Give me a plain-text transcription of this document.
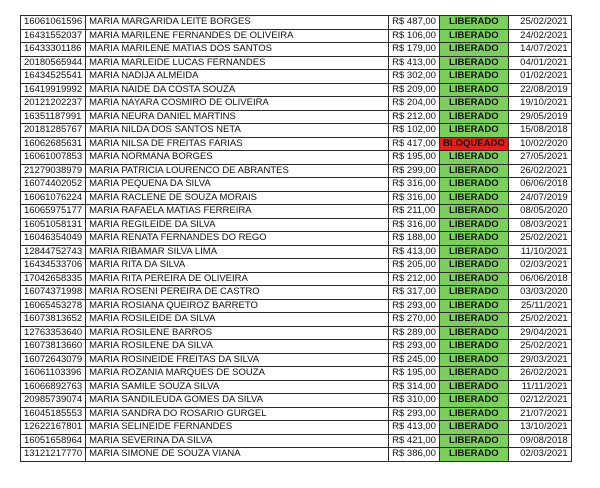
16061061596	MARIA MARGARIDA LEITE BORGES	R$ 487,00	LIBERADO	25/02/2021
16431552037	MARIA MARILENE FERNANDES DE OLIVEIRA	R$ 106,00	LIBERADO	24/02/2021
16433301186	MARIA MARILENE MATIAS DOS SANTOS	R$ 179,00	LIBERADO	14/07/2021
20180565944	MARIA MARLEIDE LUCAS FERNANDES	R$ 413,00	LIBERADO	04/01/2021
16434525541	MARIA NADIJA ALMEIDA	R$ 302,00	LIBERADO	01/02/2021
16419919992	MARIA NAIDE DA COSTA SOUZA	R$ 209,00	LIBERADO	22/08/2019
20121202237	MARIA NAYARA COSMIRO DE OLIVEIRA	R$ 204,00	LIBERADO	19/10/2021
16351187991	MARIA NEURA DANIEL MARTINS	R$ 212,00	LIBERADO	29/05/2019
20181285767	MARIA NILDA DOS SANTOS NETA	R$ 102,00	LIBERADO	15/08/2018
16062685631	MARIA NILSA DE FREITAS FARIAS	R$ 417,00	BLOQUEADO	10/02/2020
16061007853	MARIA NORMANA BORGES	R$ 195,00	LIBERADO	27/05/2021
21279038979	MARIA PATRICIA LOURENCO DE ABRANTES	R$ 299,00	LIBERADO	26/02/2021
16074402052	MARIA PEQUENA DA SILVA	R$ 316,00	LIBERADO	06/06/2018
16061076224	MARIA RACLENE DE SOUZA MORAIS	R$ 316,00	LIBERADO	24/07/2019
16065975177	MARIA RAFAELA MATIAS FERREIRA	R$ 211,00	LIBERADO	08/05/2020
16051058131	MARIA REGILEIDE DA SILVA	R$ 316,00	LIBERADO	08/03/2021
16046354049	MARIA RENATA FERNANDES DO REGO	R$ 188,00	LIBERADO	25/02/2021
12844752743	MARIA RIBAMAR SILVA LIMA	R$ 413,00	LIBERADO	11/10/2021
16434533706	MARIA RITA DA SILVA	R$ 205,00	LIBERADO	02/03/2021
17042658335	MARIA RITA PEREIRA DE OLIVEIRA	R$ 212,00	LIBERADO	06/06/2018
16074371998	MARIA ROSENI PEREIRA DE CASTRO	R$ 317,00	LIBERADO	03/03/2020
16065453278	MARIA ROSIANA QUEIROZ BARRETO	R$ 293,00	LIBERADO	25/11/2021
16073813652	MARIA ROSILEIDE DA SILVA	R$ 270,00	LIBERADO	25/02/2021
12763353640	MARIA ROSILENE BARROS	R$ 289,00	LIBERADO	29/04/2021
16073813660	MARIA ROSILENE DA SILVA	R$ 293,00	LIBERADO	25/02/2021
16072643079	MARIA ROSINEIDE FREITAS DA SILVA	R$ 245,00	LIBERADO	29/03/2021
16061103396	MARIA ROZANIA MARQUES DE SOUZA	R$ 195,00	LIBERADO	26/02/2021
16066892763	MARIA SAMILE SOUZA SILVA	R$ 314,00	LIBERADO	11/11/2021
20985739074	MARIA SANDILEUDA GOMES DA SILVA	R$ 310,00	LIBERADO	02/12/2021
16045185553	MARIA SANDRA DO ROSARIO GURGEL	R$ 293,00	LIBERADO	21/07/2021
12622167801	MARIA SELINEIDE FERNANDES	R$ 413,00	LIBERADO	13/10/2021
16051658964	MARIA SEVERINA DA SILVA	R$ 421,00	LIBERADO	09/08/2018
13121217770	MARIA SIMONE DE SOUZA VIANA	R$ 386,00	LIBERADO	02/03/2021
